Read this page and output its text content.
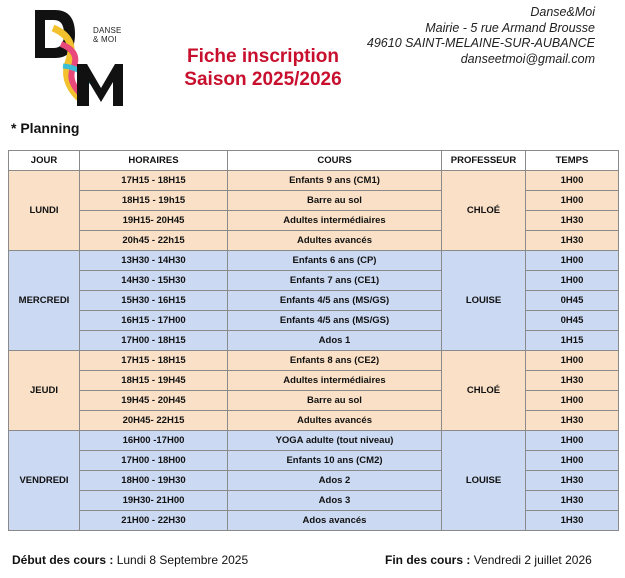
DANSE
& MOI
Fiche inscription
Saison 2025/2026
Danse&Moi
Mairie - 5 rue Armand Brousse
49610 SAINT-MELAINE-SUR-AUBANCE
danseetmoi@gmail.com
* Planning
JOUR	HORAIRES	COURS	PROFESSEUR	TEMPS
LUNDI	17H15 - 18H15	Enfants 9 ans (CM1)	CHLOÉ	1H00
	18H15 - 19h15	Barre au sol		1H00
	19H15- 20H45	Adultes intermédiaires		1H30
	20h45 - 22h15	Adultes avancés		1H30
MERCREDI	13H30 - 14H30	Enfants 6 ans (CP)	LOUISE	1H00
	14H30 - 15H30	Enfants 7 ans (CE1)		1H00
	15H30 - 16H15	Enfants 4/5 ans (MS/GS)		0H45
	16H15 - 17H00	Enfants 4/5 ans (MS/GS)		0H45
	17H00 - 18H15	Ados 1		1H15
JEUDI	17H15 - 18H15	Enfants 8 ans (CE2)	CHLOÉ	1H00
	18H15 - 19H45	Adultes intermédiaires		1H30
	19H45 - 20H45	Barre au sol		1H00
	20H45- 22H15	Adultes avancés		1H30
VENDREDI	16H00 -17H00	YOGA adulte (tout niveau)	LOUISE	1H00
	17H00 - 18H00	Enfants 10 ans (CM2)		1H00
	18H00 - 19H30	Ados 2		1H30
	19H30- 21H00	Ados 3		1H30
	21H00 - 22H30	Ados avancés		1H30
Début des cours : Lundi 8 Septembre 2025	Fin des cours : Vendredi 2 juillet 2026
